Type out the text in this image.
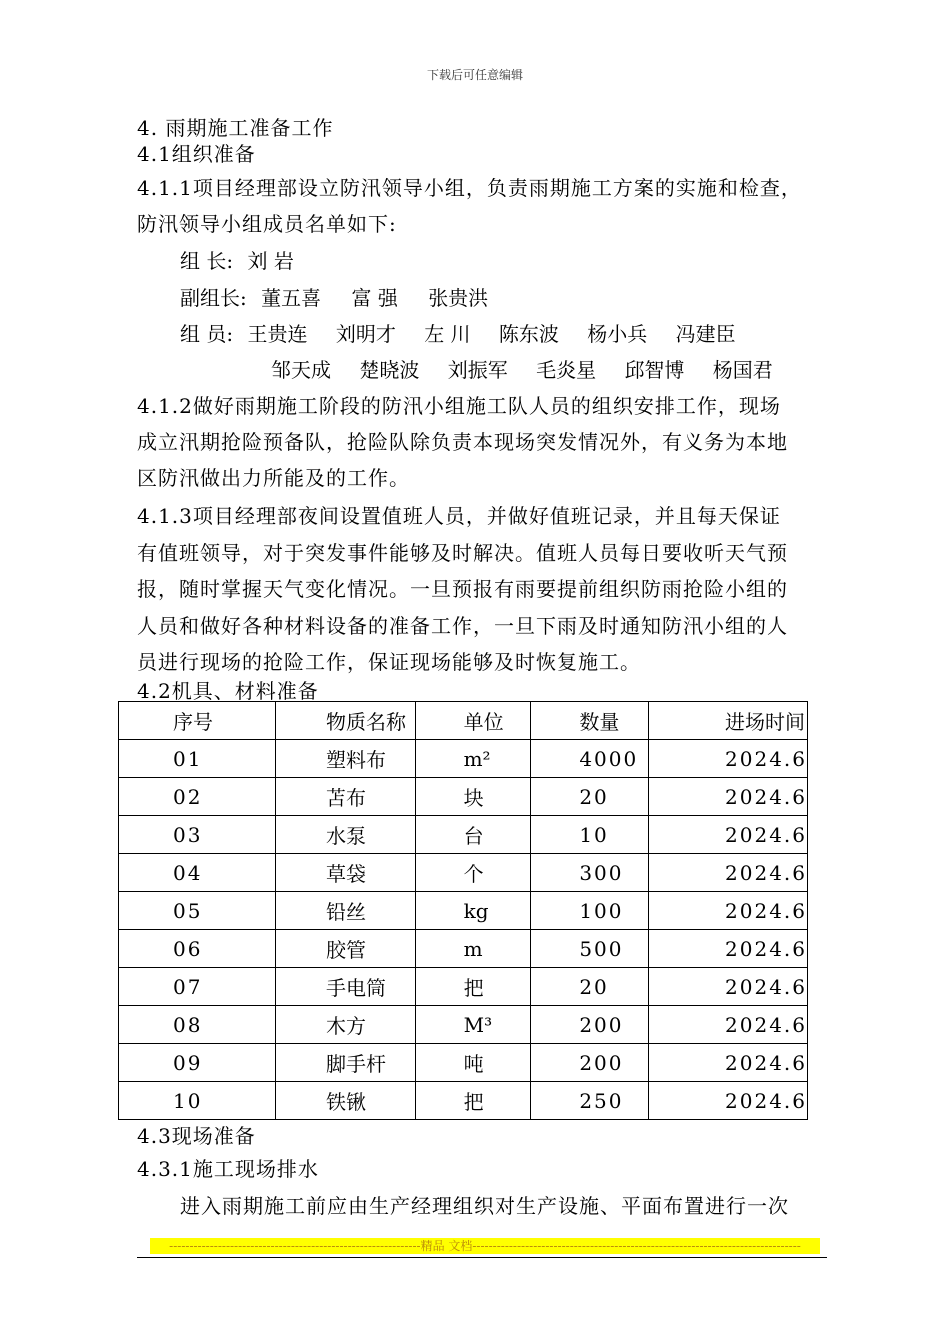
下载后可任意编辑
4. 雨期施工准备工作
4.1组织准备
4.1.1项目经理部设立防汛领导小组，负责雨期施工方案的实施和检查，
防汛领导小组成员名单如下:
组 长: 刘 岩
副组长: 董五喜 富 强 张贵洪
组 员: 王贵连 刘明才 左 川 陈东波 杨小兵 冯建臣
邹天成 楚晓波 刘振军 毛炎星 邱智博 杨国君
4.1.2做好雨期施工阶段的防汛小组施工队人员的组织安排工作，现场
成立汛期抢险预备队，抢险队除负责本现场突发情况外，有义务为本地
区防汛做出力所能及的工作。
4.1.3项目经理部夜间设置值班人员，并做好值班记录，并且每天保证
有值班领导，对于突发事件能够及时解决。值班人员每日要收听天气预
报，随时掌握天气变化情况。一旦预报有雨要提前组织防雨抢险小组的
人员和做好各种材料设备的准备工作，一旦下雨及时通知防汛小组的人
员进行现场的抢险工作，保证现场能够及时恢复施工。
4.2机具、材料准备
序号	物质名称	单位	数量	进场时间
01	塑料布	m²	4000	2024.6
02	苫布	块	20	2024.6
03	水泵	台	10	2024.6
04	草袋	个	300	2024.6
05	铅丝	kg	100	2024.6
06	胶管	m	500	2024.6
07	手电筒	把	20	2024.6
08	木方	M³	200	2024.6
09	脚手杆	吨	200	2024.6
10	铁锹	把	250	2024.6
4.3现场准备
4.3.1施工现场排水
进入雨期施工前应由生产经理组织对生产设施、平面布置进行一次
--------------------------------------------------------------精品 文档---------------------------------------------------------------------------------
